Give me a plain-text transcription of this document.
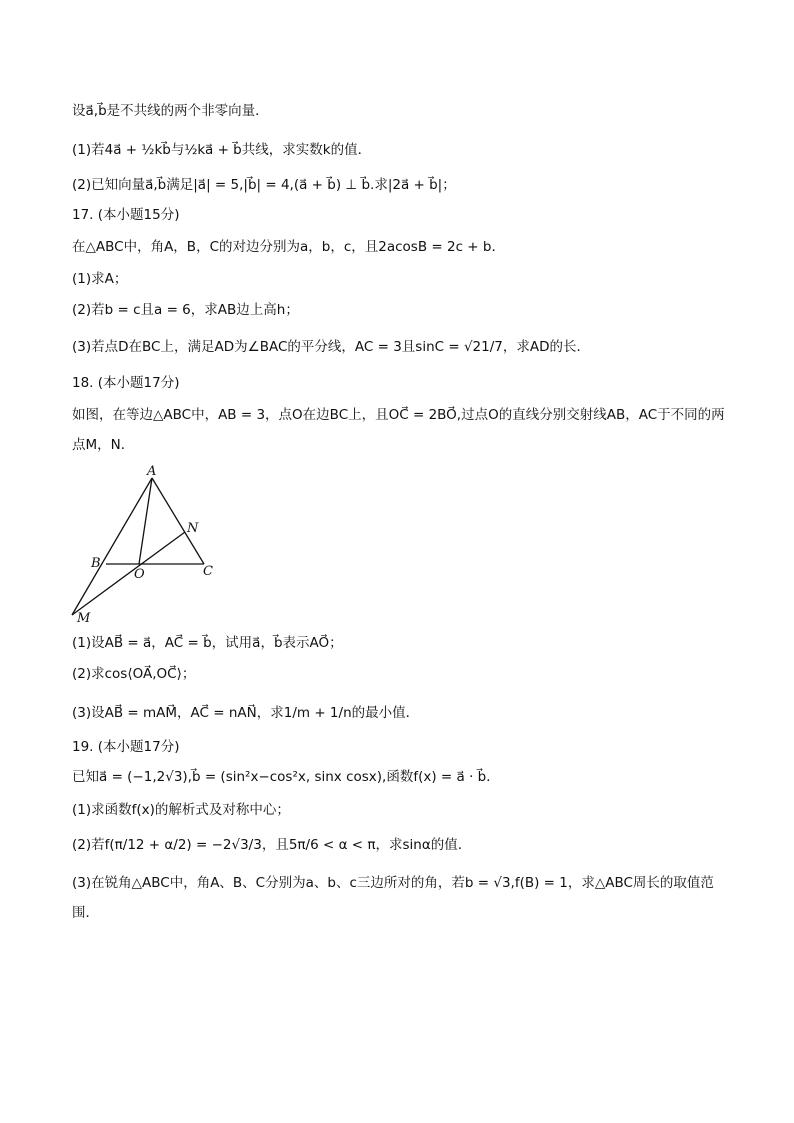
设a⃗,b⃗是不共线的两个非零向量．
(1)若4a⃗ + ½kb⃗与½ka⃗ + b⃗共线，求实数k的值．
(2)已知向量a⃗,b⃗满足|a⃗| = 5,|b⃗| = 4,(a⃗ + b⃗) ⊥ b⃗.求|2a⃗ + b⃗|；
17. (本小题15分)
在△ABC中，角A，B，C的对边分别为a，b，c，且2acosB = 2c + b．
(1)求A；
(2)若b = c且a = 6，求AB边上高h；
(3)若点D在BC上，满足AD为∠BAC的平分线，AC = 3且sinC = √21/7，求AD的长．
18. (本小题17分)
如图，在等边△ABC中，AB = 3，点O在边BC上，且OC⃗ = 2BO⃗,过点O的直线分别交射线AB，AC于不同的两点M，N．
A
B
C
O
N
M
(1)设AB⃗ = a⃗，AC⃗ = b⃗，试用a⃗，b⃗表示AO⃗；
(2)求cos⟨OA⃗,OC⃗⟩；
(3)设AB⃗ = mAM⃗，AC⃗ = nAN⃗，求1/m + 1/n的最小值．
19. (本小题17分)
已知a⃗ = (−1,2√3),b⃗ = (sin²x−cos²x, sinx cosx),函数f(x) = a⃗ · b⃗．
(1)求函数f(x)的解析式及对称中心；
(2)若f(π/12 + α/2) = −2√3/3，且5π/6 < α < π，求sinα的值．
(3)在锐角△ABC中，角A、B、C分别为a、b、c三边所对的角，若b = √3,f(B) = 1，求△ABC周长的取值范围．
